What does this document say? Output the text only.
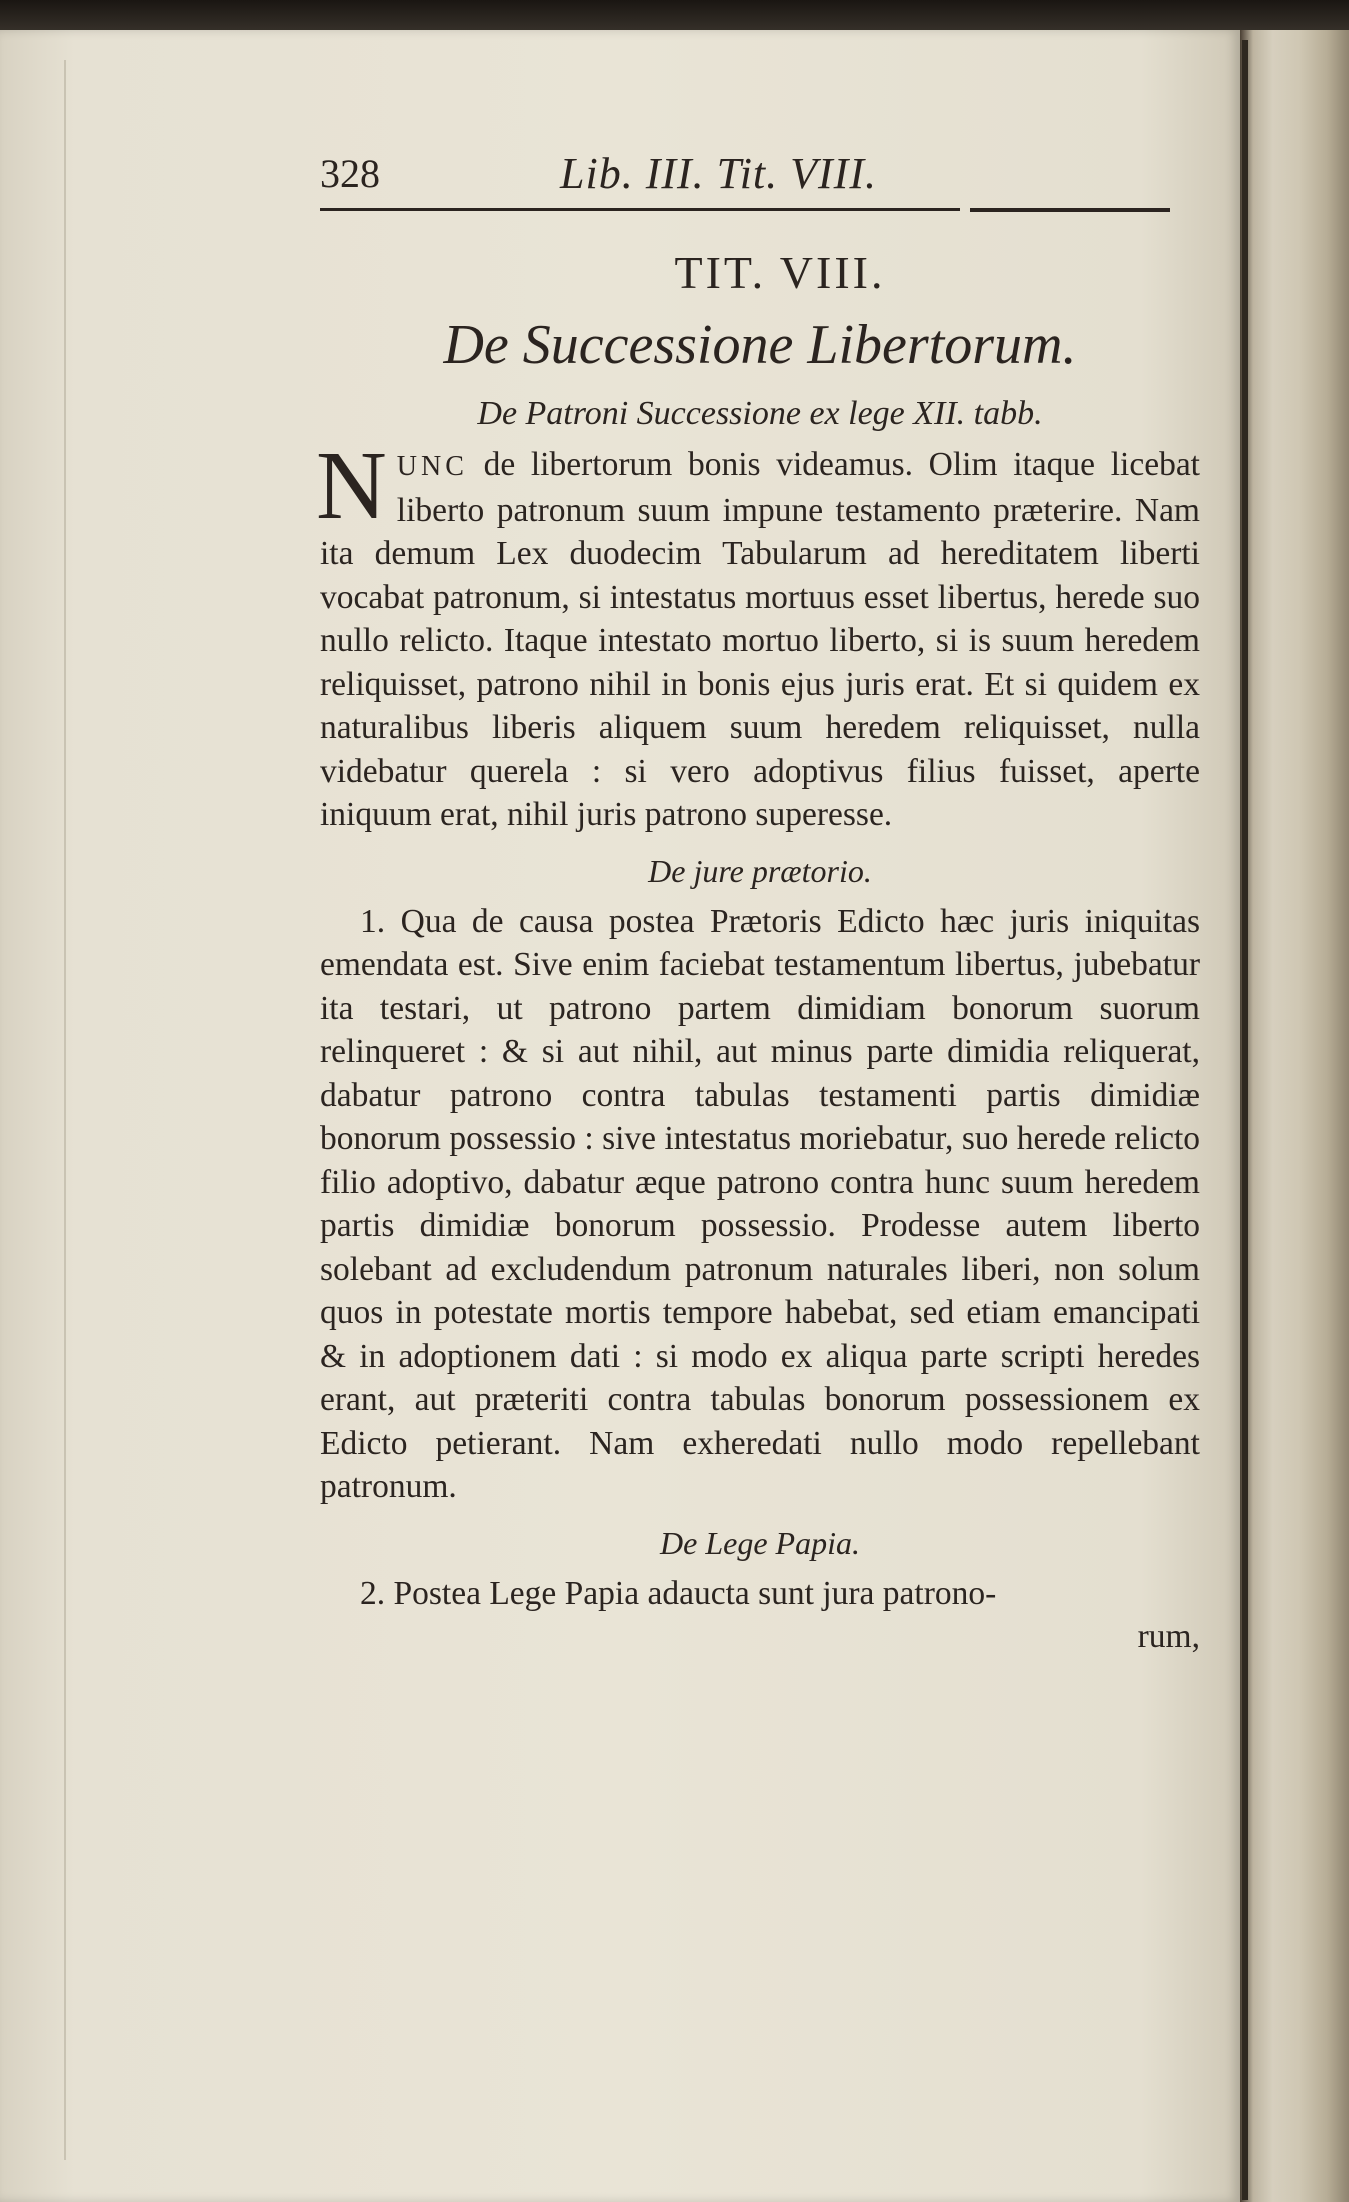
328	Lib. III. Tit. VIII.
TIT. VIII.
De Successione Libertorum.
De Patroni Successione ex lege XII. tabb.

NUNC de libertorum bonis videamus. Olim itaque licebat liberto patronum suum impune testamento præterire. Nam ita demum Lex duodecim Tabularum ad hereditatem liberti vocabat patronum, si intestatus mortuus esset libertus, herede suo nullo relicto. Itaque intestato mortuo liberto, si is suum heredem reliquisset, patrono nihil in bonis ejus juris erat. Et si quidem ex naturalibus liberis aliquem suum heredem reliquisset, nulla videbatur querela : si vero adoptivus filius fuisset, aperte iniquum erat, nihil juris patrono superesse.

De jure prætorio.

1. Qua de causa postea Prætoris Edicto hæc juris iniquitas emendata est. Sive enim faciebat testamentum libertus, jubebatur ita testari, ut patrono partem dimidiam bonorum suorum relinqueret : & si aut nihil, aut minus parte dimidia reliquerat, dabatur patrono contra tabulas testamenti partis dimidiæ bonorum possessio : sive intestatus moriebatur, suo herede relicto filio adoptivo, dabatur æque patrono contra hunc suum heredem partis dimidiæ bonorum possessio. Prodesse autem liberto solebant ad excludendum patronum naturales liberi, non solum quos in potestate mortis tempore habebat, sed etiam emancipati & in adoptionem dati : si modo ex aliqua parte scripti heredes erant, aut præteriti contra tabulas bonorum possessionem ex Edicto petierant. Nam exheredati nullo modo repellebant patronum.

De Lege Papia.

2. Postea Lege Papia adaucta sunt jura patrono-

rum,
